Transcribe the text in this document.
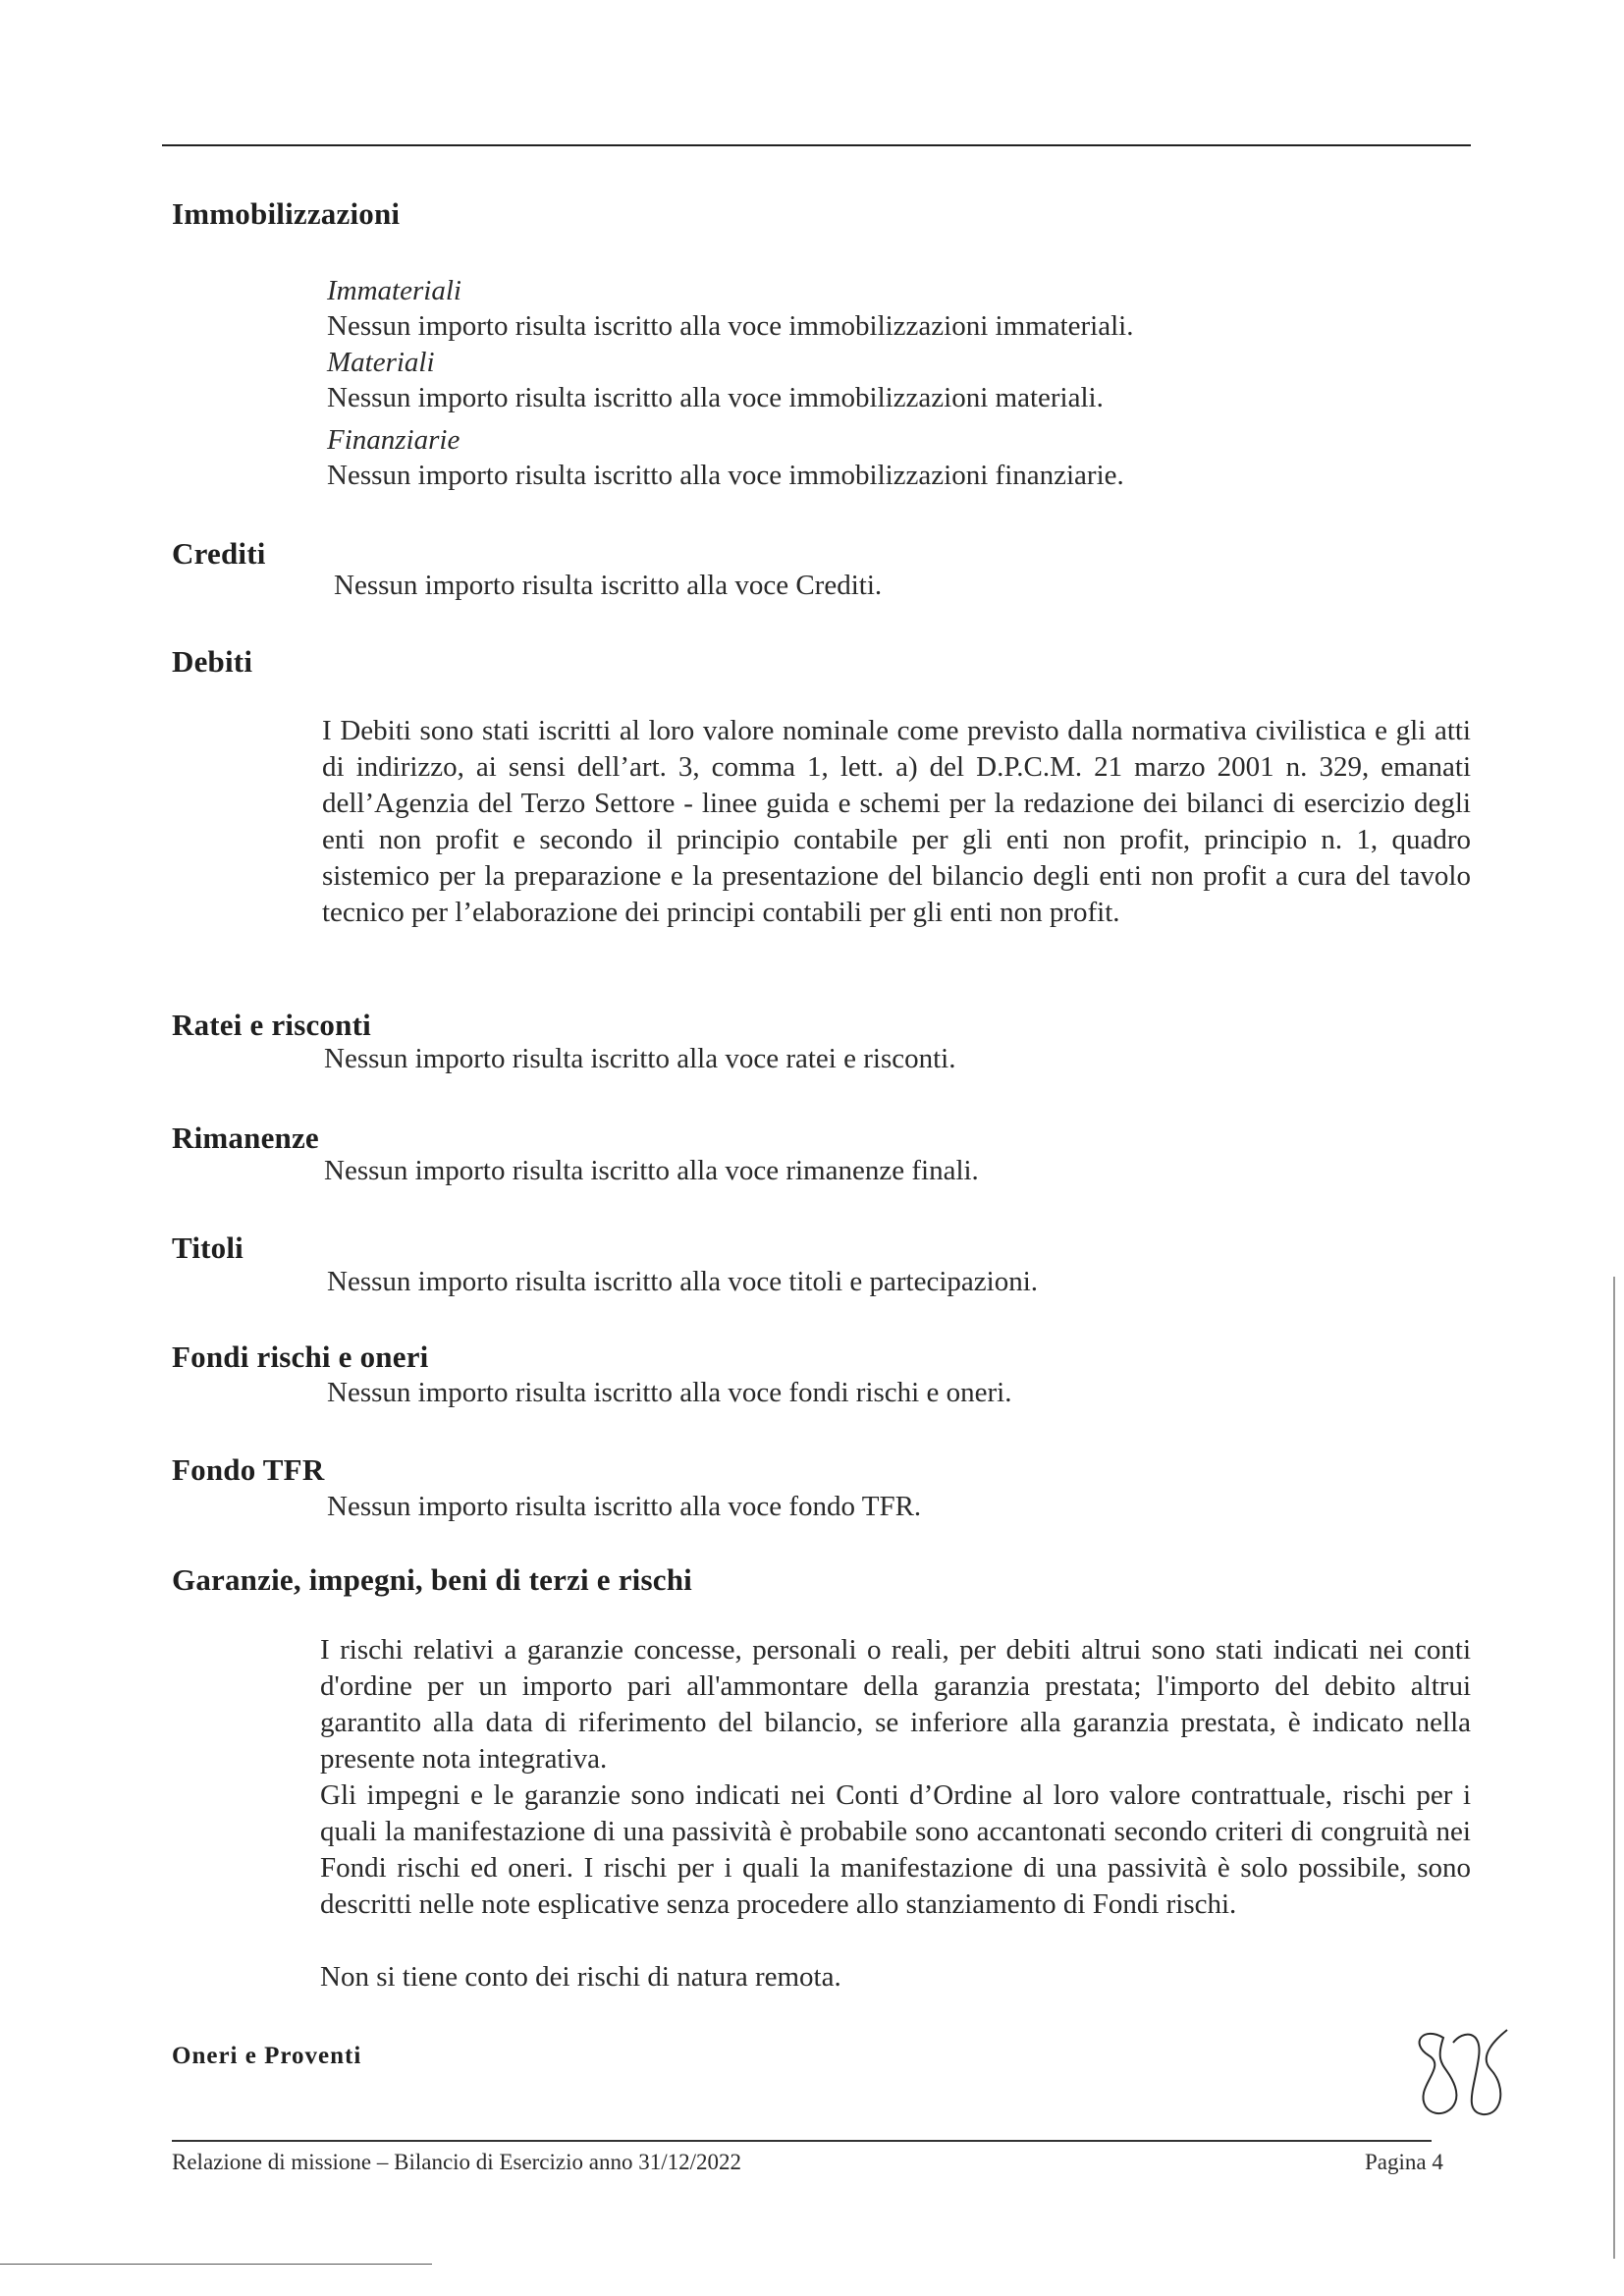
Immobilizzazioni

Immateriali

Nessun importo risulta iscritto alla voce immobilizzazioni immateriali.

Materiali

Nessun importo risulta iscritto alla voce immobilizzazioni materiali.

Finanziarie

Nessun importo risulta iscritto alla voce immobilizzazioni finanziarie.

Crediti

Nessun importo risulta iscritto alla voce Crediti.

Debiti

I Debiti sono stati iscritti al loro valore nominale come previsto dalla normativa civilistica e gli atti di indirizzo, ai sensi dell’art. 3, comma 1, lett. a) del D.P.C.M. 21 marzo 2001 n. 329, emanati dell’Agenzia del Terzo Settore - linee guida e schemi per la redazione dei bilanci di esercizio degli enti non profit e secondo il principio contabile per gli enti non profit, principio n. 1, quadro sistemico per la preparazione e la presentazione del bilancio degli enti non profit a cura del tavolo tecnico per l’elaborazione dei principi contabili per gli enti non profit.

Ratei e risconti

Nessun importo risulta iscritto alla voce ratei e risconti.

Rimanenze

Nessun importo risulta iscritto alla voce rimanenze finali.

Titoli

Nessun importo risulta iscritto alla voce titoli e partecipazioni.

Fondi rischi e oneri

Nessun importo risulta iscritto alla voce fondi rischi e oneri.

Fondo TFR

Nessun importo risulta iscritto alla voce fondo TFR.

Garanzie, impegni, beni di terzi e rischi

I rischi relativi a garanzie concesse, personali o reali, per debiti altrui sono stati indicati nei conti d'ordine per un importo pari all'ammontare della garanzia prestata; l'importo del debito altrui garantito alla data di riferimento del bilancio, se inferiore alla garanzia prestata, è indicato nella presente nota integrativa.

Gli impegni e le garanzie sono indicati nei Conti d’Ordine al loro valore contrattuale, rischi per i quali la manifestazione di una passività è probabile sono accantonati secondo criteri di congruità nei Fondi rischi ed oneri. I rischi per i quali la manifestazione di una passività è solo possibile, sono descritti nelle note esplicative senza procedere allo stanziamento di Fondi rischi.

Non si tiene conto dei rischi di natura remota.

Oneri e Proventi
Relazione di missione – Bilancio di Esercizio anno 31/12/2022	Pagina 4
